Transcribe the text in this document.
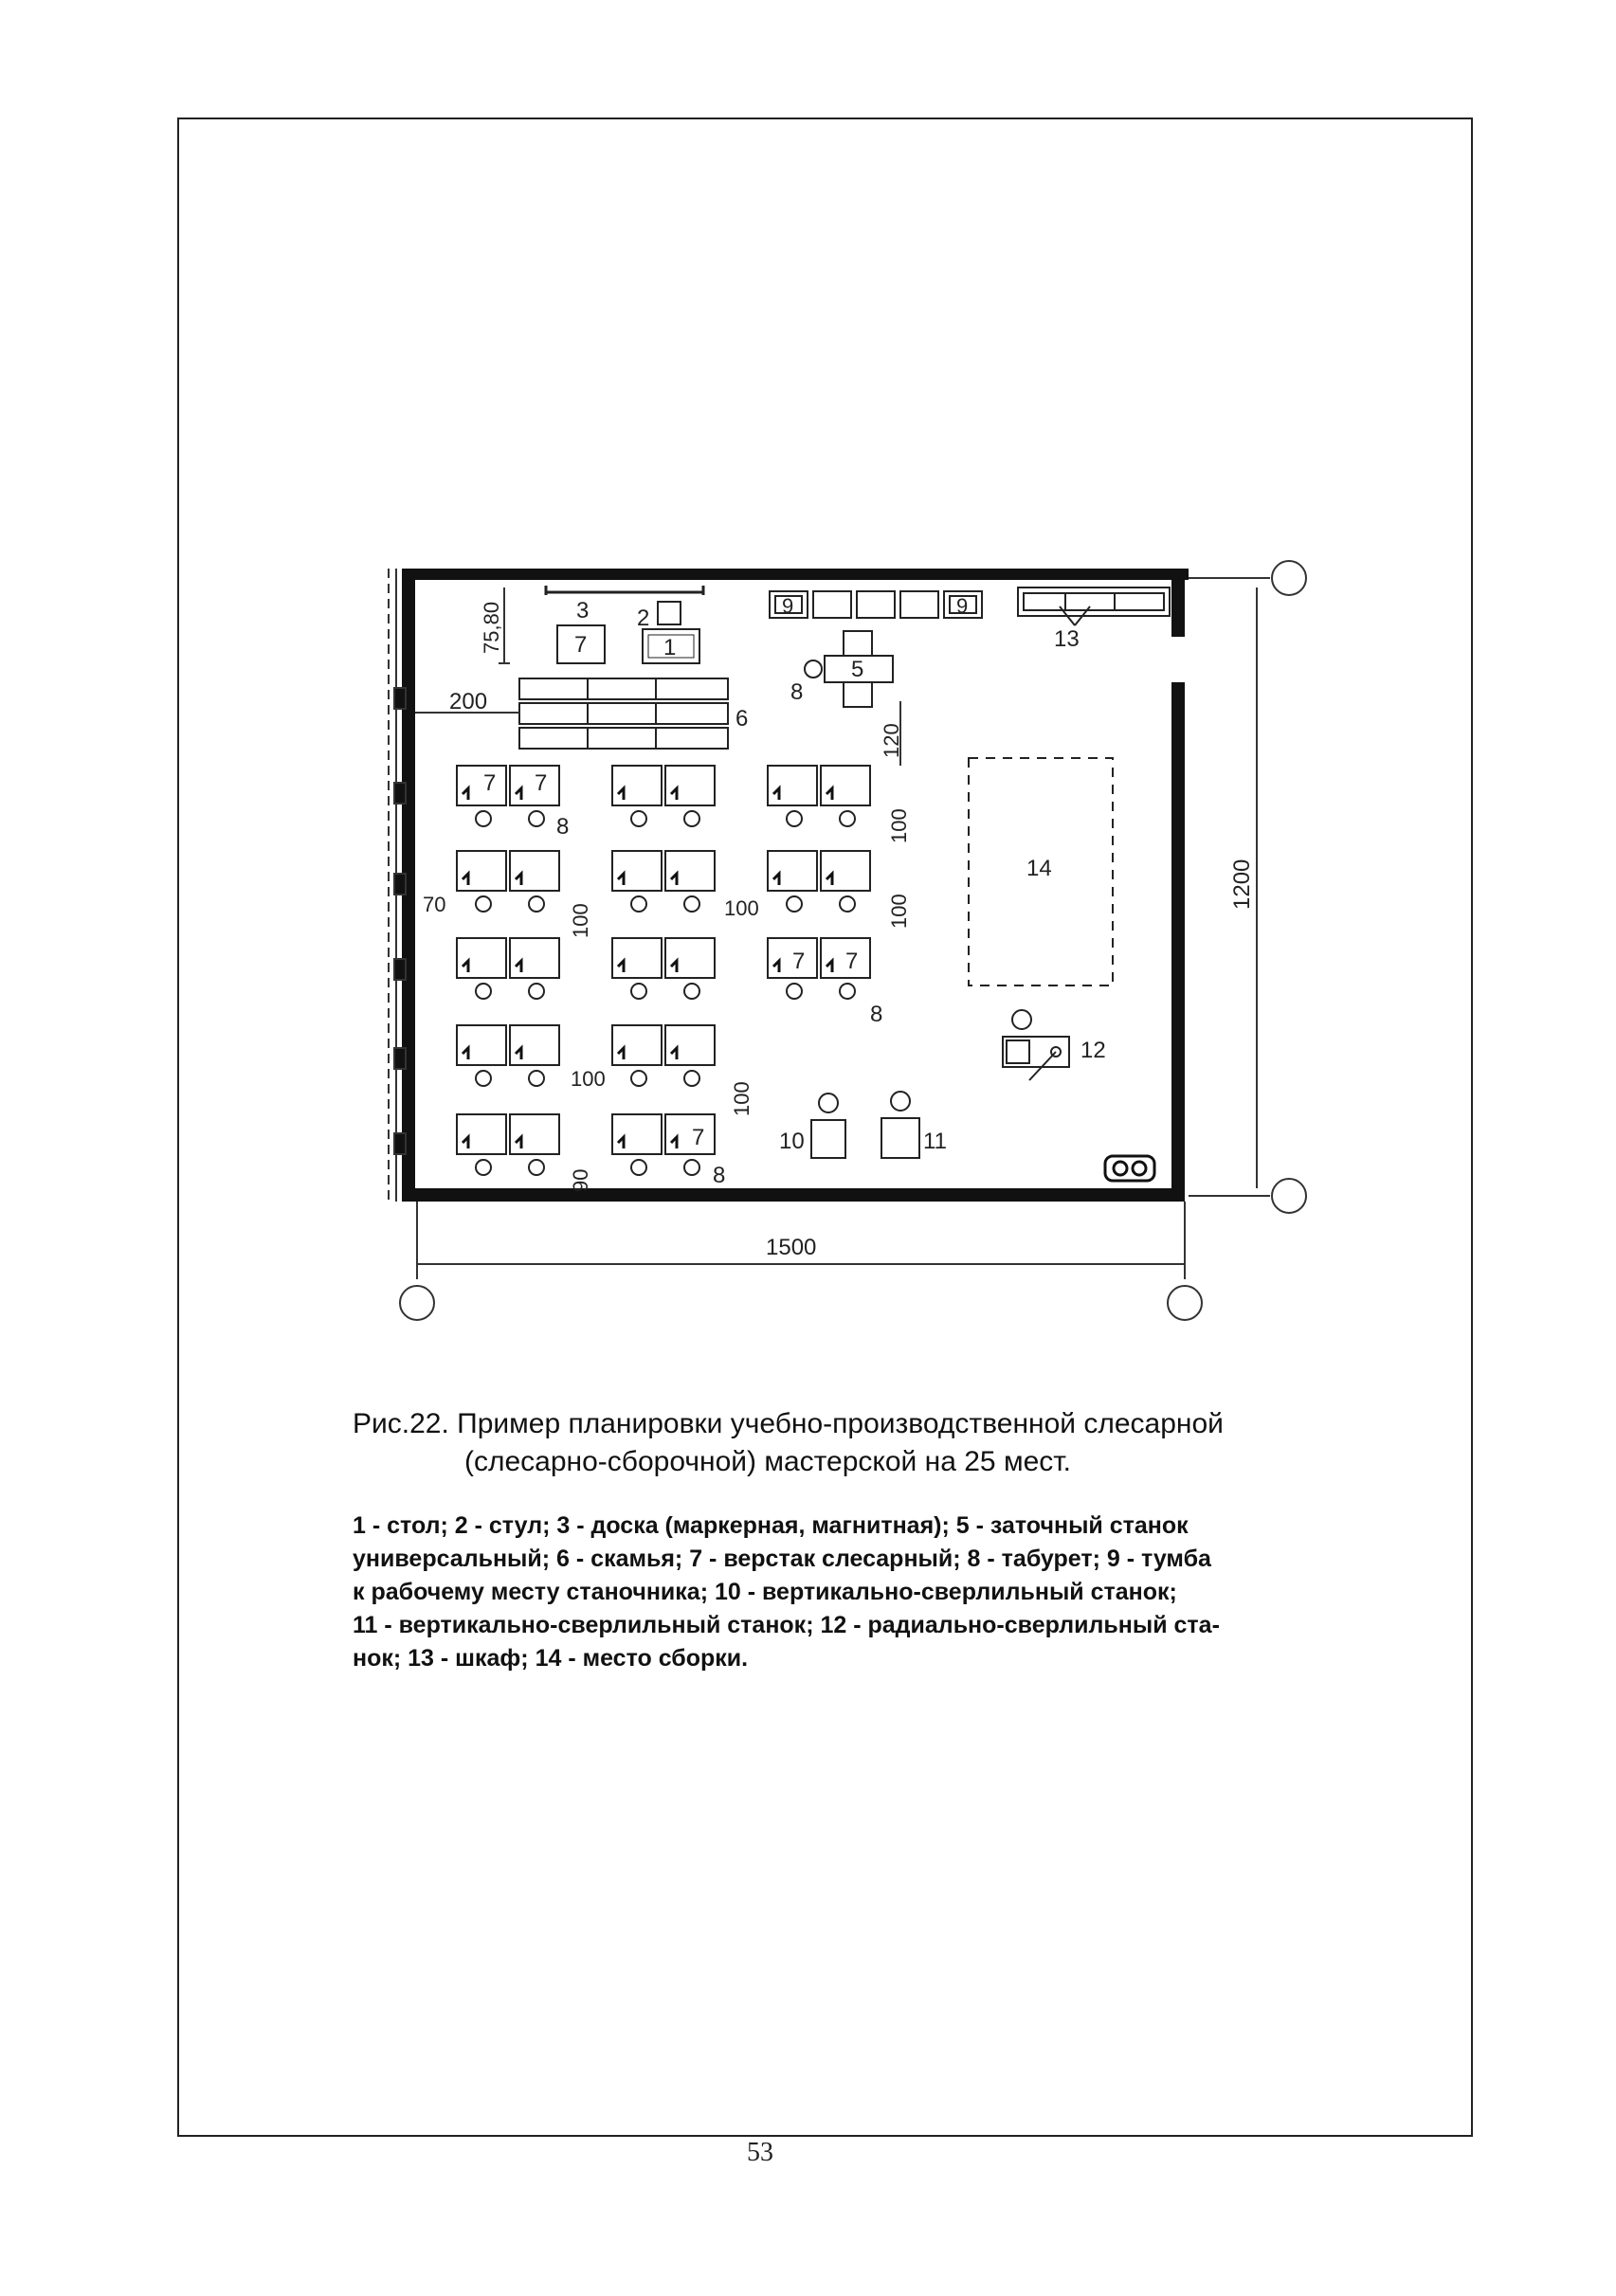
1500
1200
3
75,80	2
1
7
6
200
9	9
13
5
8
120
14
12
10	11
7 7
8
7 7
8
7
8
70	100	100
100
100
100
100
90
Рис.22. Пример планировки учебно-производственной слесарной
(слесарно-сборочной) мастерской на 25 мест.
1 - стол; 2 - стул; 3 - доска (маркерная, магнитная); 5 - заточный станок
универсальный; 6 - скамья; 7 - верстак слесарный; 8 - табурет; 9 - тумба
к рабочему месту станочника; 10 - вертикально-сверлильный станок;
11 - вертикально-сверлильный станок; 12 - радиально-сверлильный ста-
нок; 13 - шкаф; 14 - место сборки.
53
